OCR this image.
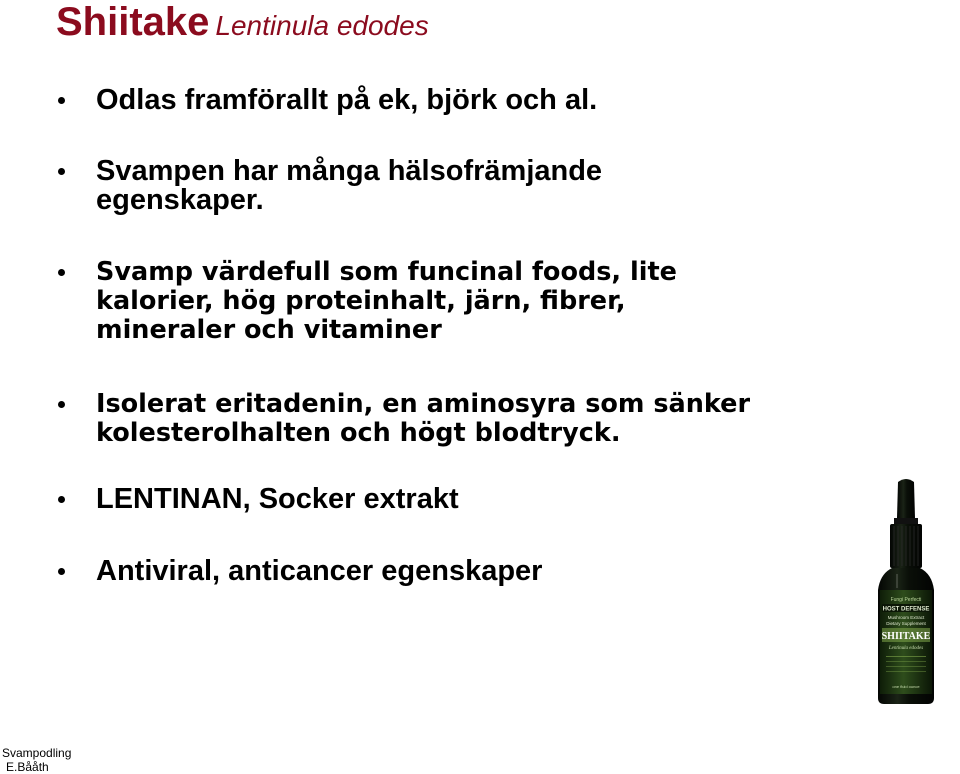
Shiitake Lentinula edodes
Odlas framförallt på ek, björk och al.
Svampen har många hälsofrämjande
egenskaper.
Svamp värdefull som funcinal foods, lite
kalorier, hög proteinhalt, järn, fibrer,
mineraler och vitaminer
Isolerat eritadenin, en aminosyra som sänker
kolesterolhalten och högt blodtryck.
LENTINAN, Socker extrakt
Antiviral, anticancer egenskaper
Fungi Perfecti
HOST DEFENSE
Mushroom Extract
Dietary Supplement
SHIITAKE
Lentinula edodes
one fluid ounce
Svampodling
E.Bååth
